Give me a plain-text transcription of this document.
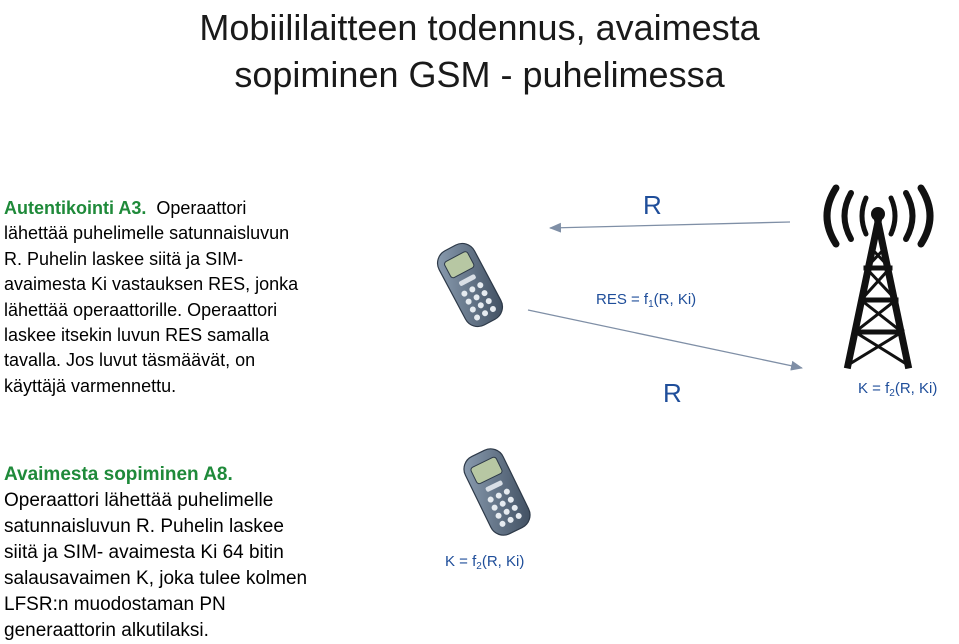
Mobiililaitteen todennus, avaimesta
sopiminen GSM - puhelimessa
Autentikointi A3. Operaattori
lähettää puhelimelle satunnaisluvun
R. Puhelin laskee siitä ja SIM-
avaimesta Ki vastauksen RES, jonka
lähettää operaattorille. Operaattori
laskee itsekin luvun RES samalla
tavalla. Jos luvut täsmäävät, on
käyttäjä varmennettu.
Avaimesta sopiminen A8.
Operaattori lähettää puhelimelle
satunnaisluvun R. Puhelin laskee
siitä ja SIM- avaimesta Ki 64 bitin
salausavaimen K, joka tulee kolmen
LFSR:n muodostaman PN
generaattorin alkutilaksi.
R
R
RES = $f_1(R$, Ki)
$K = f_2(R$, Ki)
$K = f_2(R$, Ki)
